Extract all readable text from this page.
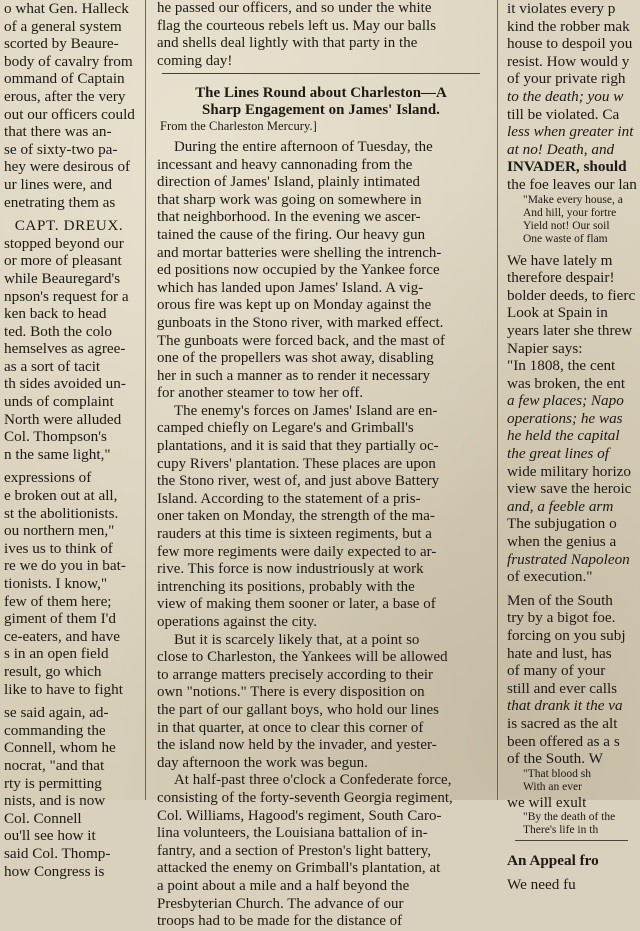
o what Gen. Halleck
of a general system
scorted by Beaure-
body of cavalry from
ommand of Captain
erous, after the very
out our officers could
that there was an-
se of sixty-two pa-
hey were desirous of
ur lines were, and
enetrating them as
CAPT. DREUX.
stopped beyond our
or more of pleasant
while Beauregard's
npson's request for a
ken back to head
ted. Both the colo
hemselves as agree-
as a sort of tacit
th sides avoided un-
unds of complaint
North were alluded
Col. Thompson's
n the same light,"
expressions of
e broken out at all,
st the abolitionists.
ou northern men,"
ives us to think of
re we do you in bat-
tionists. I know,"
few of them here;
giment of them I'd
ce-eaters, and have
s in an open field
result, go which
like to have to fight
se said again, ad-
commanding the
Connell, whom he
nocrat, "and that
rty is permitting
nists, and is now
Col. Connell
ou'll see how it
said Col. Thomp-
how Congress is
he passed our officers, and so under the white
flag the courteous rebels left us. May our balls
and shells deal lightly with that party in the
coming day!
The Lines Round about Charleston—A
Sharp Engagement on James' Island.
From the Charleston Mercury.]
During the entire afternoon of Tuesday, the
incessant and heavy cannonading from the
direction of James' Island, plainly intimated
that sharp work was going on somewhere in
that neighborhood. In the evening we ascer-
tained the cause of the firing. Our heavy gun
and mortar batteries were shelling the intrench-
ed positions now occupied by the Yankee force
which has landed upon James' Island. A vig-
orous fire was kept up on Monday against the
gunboats in the Stono river, with marked effect.
The gunboats were forced back, and the mast of
one of the propellers was shot away, disabling
her in such a manner as to render it necessary
for another steamer to tow her off.
The enemy's forces on James' Island are en-
camped chiefly on Legare's and Grimball's
plantations, and it is said that they partially oc-
cupy Rivers' plantation. These places are upon
the Stono river, west of, and just above Battery
Island. According to the statement of a pris-
oner taken on Monday, the strength of the ma-
rauders at this time is sixteen regiments, but a
few more regiments were daily expected to ar-
rive. This force is now industriously at work
intrenching its positions, probably with the
view of making them sooner or later, a base of
operations against the city.
But it is scarcely likely that, at a point so
close to Charleston, the Yankees will be allowed
to arrange matters precisely according to their
own "notions." There is every disposition on
the part of our gallant boys, who hold our lines
in that quarter, at once to clear this corner of
the island now held by the invader, and yester-
day afternoon the work was begun.
At half-past three o'clock a Confederate force,
consisting of the forty-seventh Georgia regiment,
Col. Williams, Hagood's regiment, South Caro-
lina volunteers, the Louisiana battalion of in-
fantry, and a section of Preston's light battery,
attacked the enemy on Grimball's plantation, at
a point about a mile and a half beyond the
Presbyterian Church. The advance of our
troops had to be made for the distance of
it violates every p
kind the robber mak
house to despoil you
resist. How would y
of your private righ
to the death; you w
till be violated. Ca
less when greater int
at no! Death, and
INVADER, should
the foe leaves our lan
"Make every house, a
And hill, your fortre
Yield not! Our soil
One waste of flam
We have lately m
therefore despair!
bolder deeds, to fierc
Look at Spain in
years later she threw
Napier says:
"In 1808, the cent
was broken, the ent
a few places; Napo
operations; he was
he held the capital
the great lines of
wide military horizo
view save the heroic
and, a feeble arm
The subjugation o
when the genius a
frustrated Napoleon
of execution."
Men of the South
try by a bigot foe.
forcing on you subj
hate and lust, has
of many of your
still and ever calls
that drank it the va
is sacred as the alt
been offered as a s
of the South. W
"That blood sh
With an ever
we will exult
"By the death of the
There's life in th
An Appeal fro
We need fu
